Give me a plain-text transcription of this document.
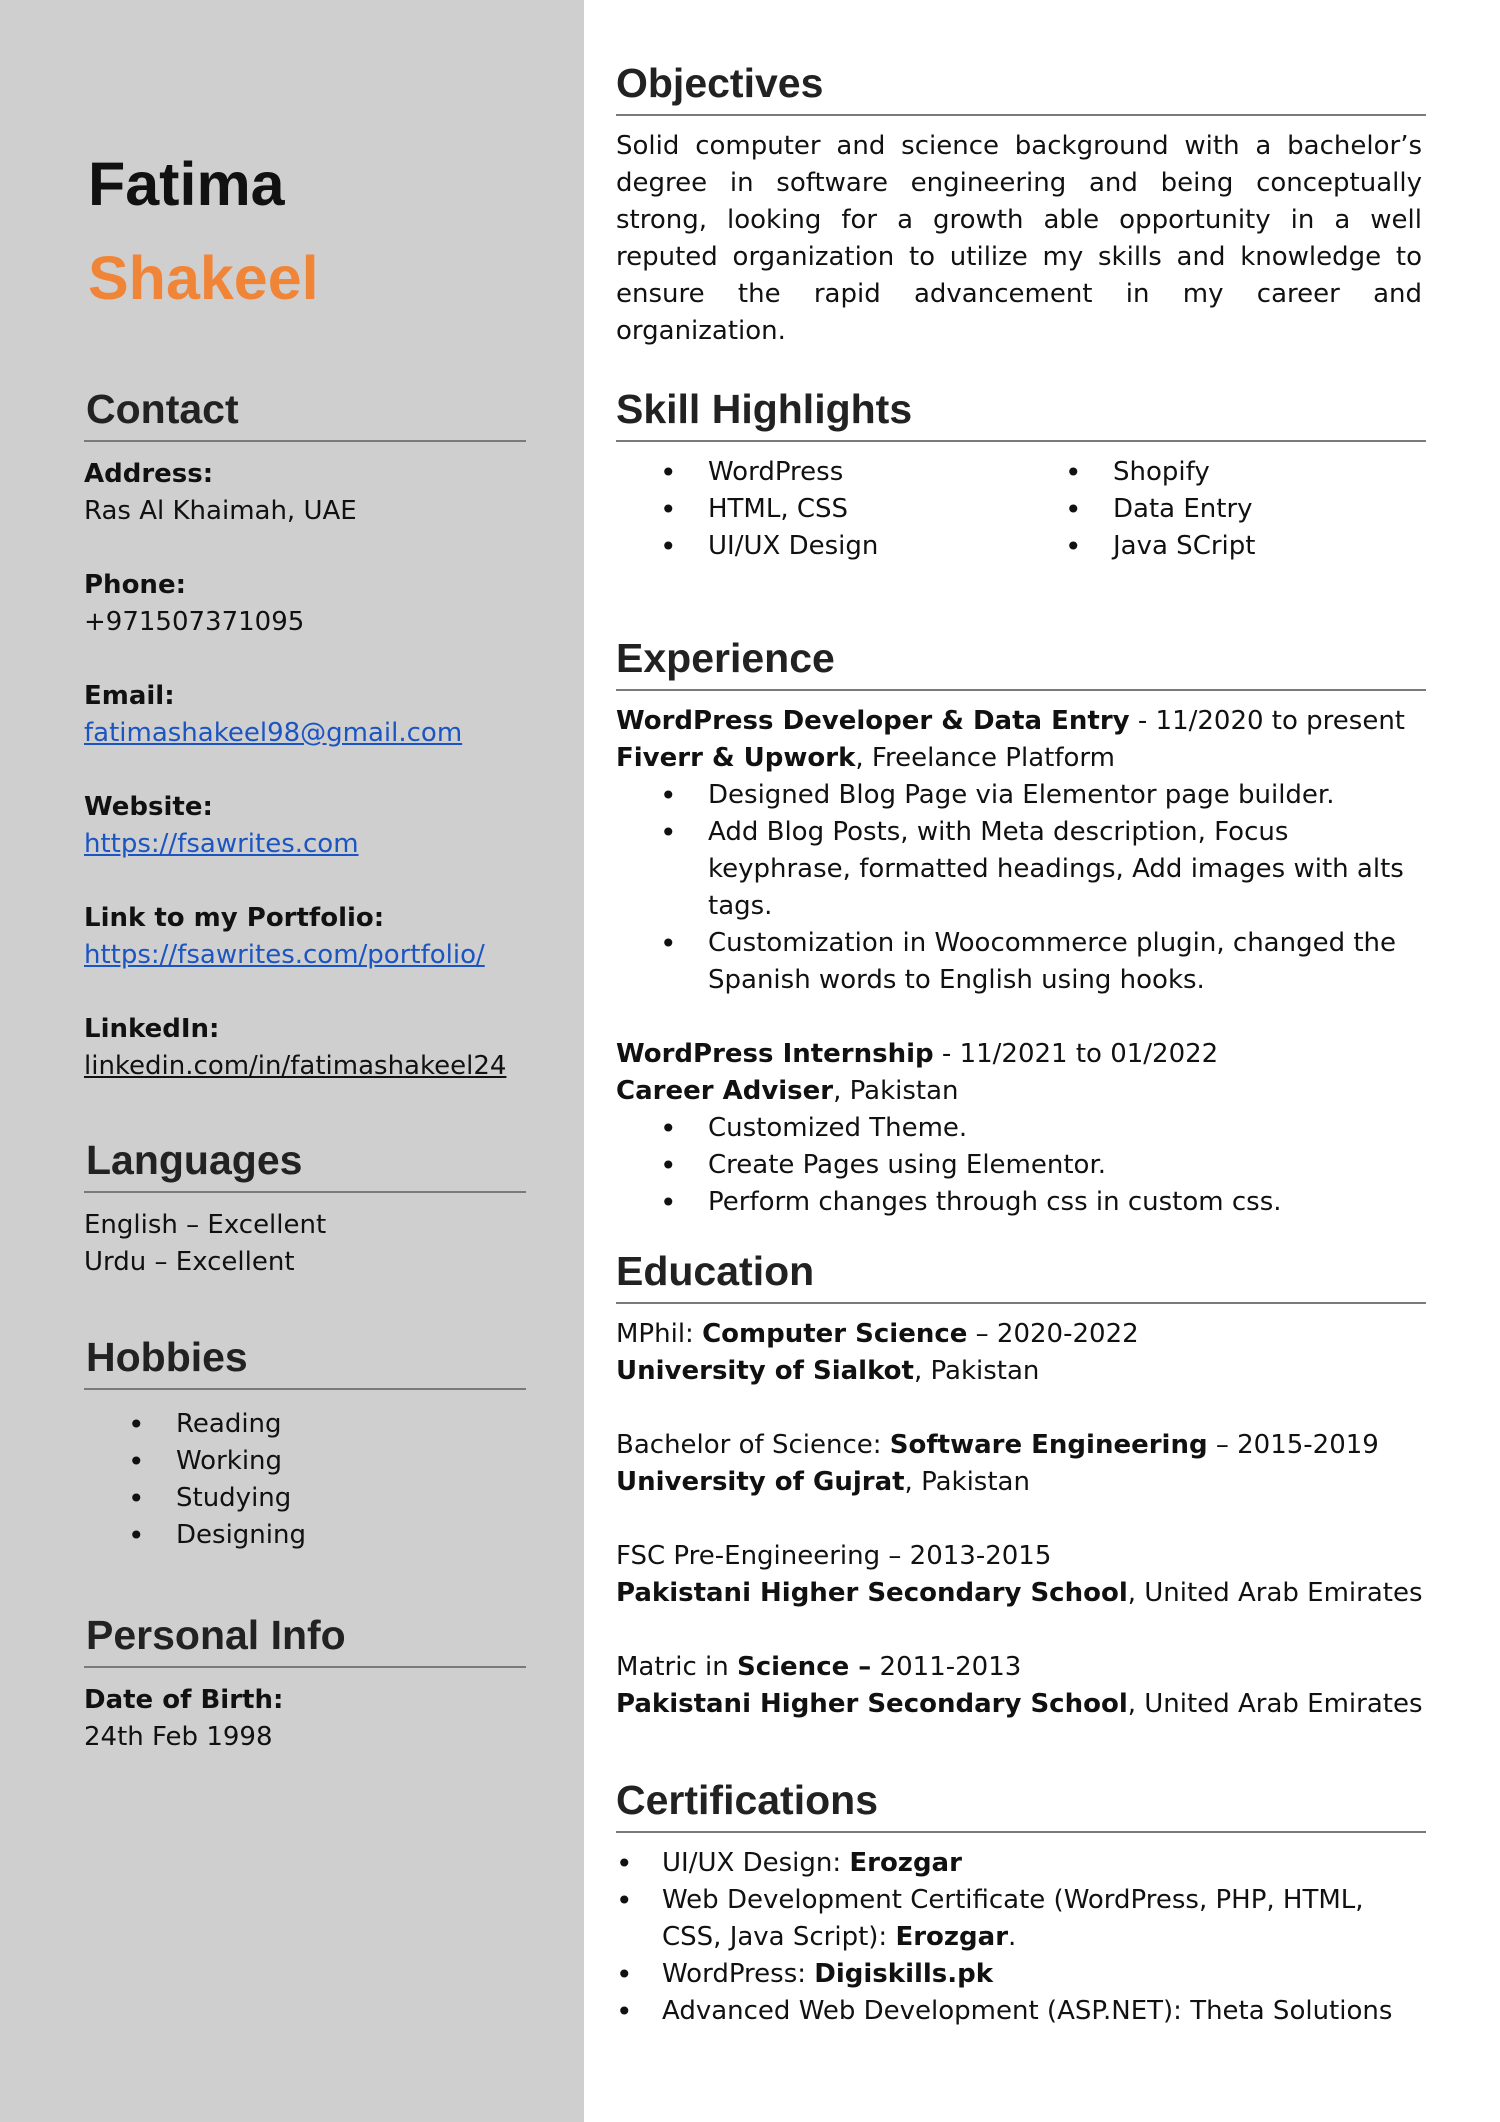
Fatima
Shakeel
Contact
Address:
Ras Al Khaimah, UAE
Phone:
+971507371095
Email:
fatimashakeel98@gmail.com
Website:
https://fsawrites.com
Link to my Portfolio:
https://fsawrites.com/portfolio/
LinkedIn:
linkedin.com/in/fatimashakeel24
Languages
English – Excellent
Urdu – Excellent
Hobbies
• Reading
• Working
• Studying
• Designing
Personal Info
Date of Birth:
24th Feb 1998
Objectives

Solid computer and science background with a bachelor’s degree in software engineering and being conceptually strong, looking for a growth able opportunity in a well reputed organization to utilize my skills and knowledge to ensure the rapid advancement in my career and organization.

Skill Highlights
• WordPress
• HTML, CSS
• UI/UX Design
• Shopify
• Data Entry
• Java SCript
Experience
WordPress Developer & Data Entry - 11/2020 to present
Fiverr & Upwork, Freelance Platform
• Designed Blog Page via Elementor page builder.
• Add Blog Posts, with Meta description, Focus keyphrase, formatted headings, Add images with alts tags.
• Customization in Woocommerce plugin, changed the Spanish words to English using hooks.
WordPress Internship - 11/2021 to 01/2022
Career Adviser, Pakistan
• Customized Theme.
• Create Pages using Elementor.
• Perform changes through css in custom css.
Education
MPhil: Computer Science – 2020-2022
University of Sialkot, Pakistan
Bachelor of Science: Software Engineering – 2015-2019
University of Gujrat, Pakistan
FSC Pre-Engineering – 2013-2015
Pakistani Higher Secondary School, United Arab Emirates
Matric in Science – 2011-2013
Pakistani Higher Secondary School, United Arab Emirates
Certifications
• UI/UX Design: Erozgar
• Web Development Certificate (WordPress, PHP, HTML, CSS, Java Script): Erozgar.
• WordPress: Digiskills.pk
• Advanced Web Development (ASP.NET): Theta Solutions
